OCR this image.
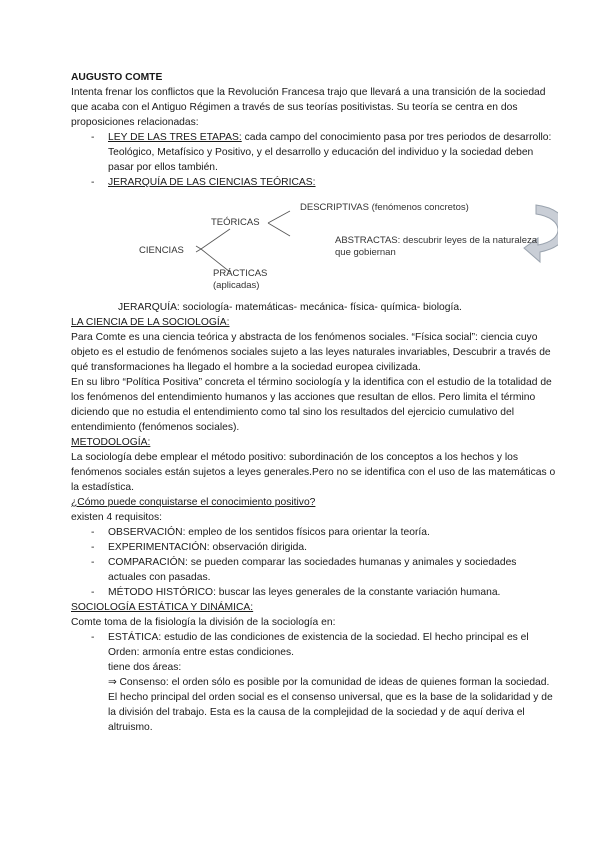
AUGUSTO COMTE

Intenta frenar los conflictos que la Revolución Francesa trajo que llevará a una transición de la sociedad que acaba con el Antiguo Régimen a través de sus teorías positivistas. Su teoría se centra en dos proposiciones relacionadas:

- LEY DE LAS TRES ETAPAS: cada campo del conocimiento pasa por tres periodos de desarrollo: Teológico, Metafísico y Positivo, y el desarrollo y educación del individuo y la sociedad deben pasar por ellos también.
- JERARQUÍA DE LAS CIENCIAS TEÓRICAS:
CIENCIAS
TEÓRICAS
PRÁCTICAS
(aplicadas)
DESCRIPTIVAS (fenómenos concretos)
ABSTRACTAS: descubrir leyes de la naturaleza
que gobiernan

JERARQUÍA: sociología- matemáticas- mecánica- física- química- biología.

LA CIENCIA DE LA SOCIOLOGÍA:

Para Comte es una ciencia teórica y abstracta de los fenómenos sociales. “Física social”: ciencia cuyo objeto es el estudio de fenómenos sociales sujeto a las leyes naturales invariables, Descubrir a través de qué transformaciones ha llegado el hombre a la sociedad europea civilizada.

En su libro “Política Positiva” concreta el término sociología y la identifica con el estudio de la totalidad de los fenómenos del entendimiento humanos y las acciones que resultan de ellos. Pero limita el término diciendo que no estudia el entendimiento como tal sino los resultados del ejercicio cumulativo del entendimiento (fenómenos sociales).

METODOLOGÍA:

La sociología debe emplear el método positivo: subordinación de los conceptos a los hechos y los fenómenos sociales están sujetos a leyes generales.Pero no se identifica con el uso de las matemáticas o la estadística.

¿Cómo puede conquistarse el conocimiento positivo?

existen 4 requisitos:

- OBSERVACIÓN: empleo de los sentidos físicos para orientar la teoría.
- EXPERIMENTACIÓN: observación dirigida.
- COMPARACIÓN: se pueden comparar las sociedades humanas y animales y sociedades actuales con pasadas.
- MÉTODO HISTÓRICO: buscar las leyes generales de la constante variación humana.

SOCIOLOGÍA ESTÁTICA Y DINÁMICA:

Comte toma de la fisiología la división de la sociología en:

- ESTÁTICA: estudio de las condiciones de existencia de la sociedad. El hecho principal es el Orden: armonía entre estas condiciones.

tiene dos áreas:

⇒ Consenso: el orden sólo es posible por la comunidad de ideas de quienes forman la sociedad. El hecho principal del orden social es el consenso universal, que es la base de la solidaridad y de la división del trabajo. Esta es la causa de la complejidad de la sociedad y de aquí deriva el altruismo.
